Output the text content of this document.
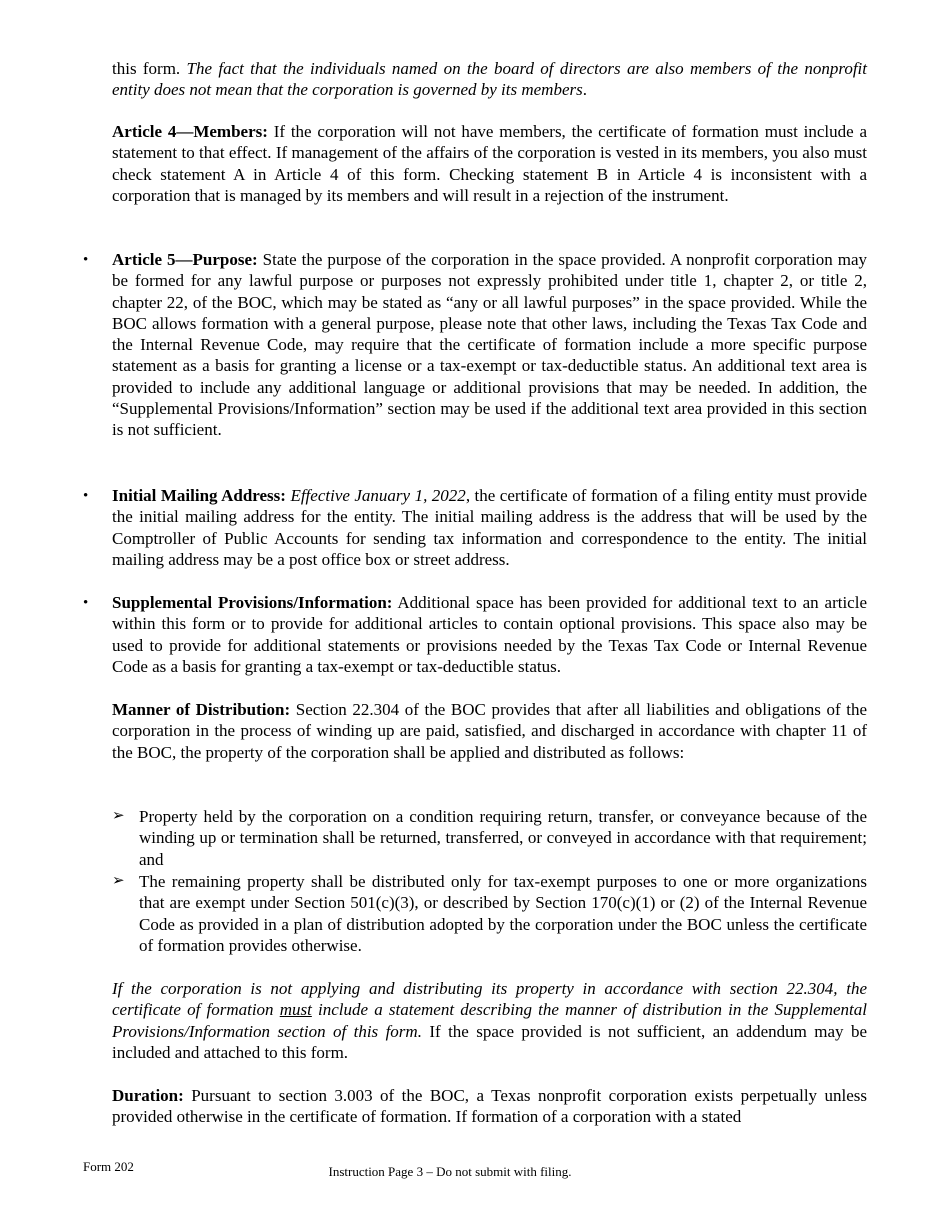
this form. The fact that the individuals named on the board of directors are also members of the nonprofit entity does not mean that the corporation is governed by its members.

Article 4—Members: If the corporation will not have members, the certificate of formation must include a statement to that effect. If management of the affairs of the corporation is vested in its members, you also must check statement A in Article 4 of this form. Checking statement B in Article 4 is inconsistent with a corporation that is managed by its members and will result in a rejection of the instrument.

• Article 5—Purpose: State the purpose of the corporation in the space provided. A nonprofit corporation may be formed for any lawful purpose or purposes not expressly prohibited under title 1, chapter 2, or title 2, chapter 22, of the BOC, which may be stated as “any or all lawful purposes” in the space provided. While the BOC allows formation with a general purpose, please note that other laws, including the Texas Tax Code and the Internal Revenue Code, may require that the certificate of formation include a more specific purpose statement as a basis for granting a license or a tax-exempt or tax-deductible status. An additional text area is provided to include any additional language or additional provisions that may be needed. In addition, the “Supplemental Provisions/Information” section may be used if the additional text area provided in this section is not sufficient.

• Initial Mailing Address: Effective January 1, 2022, the certificate of formation of a filing entity must provide the initial mailing address for the entity. The initial mailing address is the address that will be used by the Comptroller of Public Accounts for sending tax information and correspondence to the entity. The initial mailing address may be a post office box or street address.

• Supplemental Provisions/Information: Additional space has been provided for additional text to an article within this form or to provide for additional articles to contain optional provisions. This space also may be used to provide for additional statements or provisions needed by the Texas Tax Code or Internal Revenue Code as a basis for granting a tax-exempt or tax-deductible status.

Manner of Distribution: Section 22.304 of the BOC provides that after all liabilities and obligations of the corporation in the process of winding up are paid, satisfied, and discharged in accordance with chapter 11 of the BOC, the property of the corporation shall be applied and distributed as follows:

➢ Property held by the corporation on a condition requiring return, transfer, or conveyance because of the winding up or termination shall be returned, transferred, or conveyed in accordance with that requirement; and

➢ The remaining property shall be distributed only for tax-exempt purposes to one or more organizations that are exempt under Section 501(c)(3), or described by Section 170(c)(1) or (2) of the Internal Revenue Code as provided in a plan of distribution adopted by the corporation under the BOC unless the certificate of formation provides otherwise.

If the corporation is not applying and distributing its property in accordance with section 22.304, the certificate of formation must include a statement describing the manner of distribution in the Supplemental Provisions/Information section of this form. If the space provided is not sufficient, an addendum may be included and attached to this form.

Duration: Pursuant to section 3.003 of the BOC, a Texas nonprofit corporation exists perpetually unless provided otherwise in the certificate of formation. If formation of a corporation with a stated

Form 202	Instruction Page 3 – Do not submit with filing.
